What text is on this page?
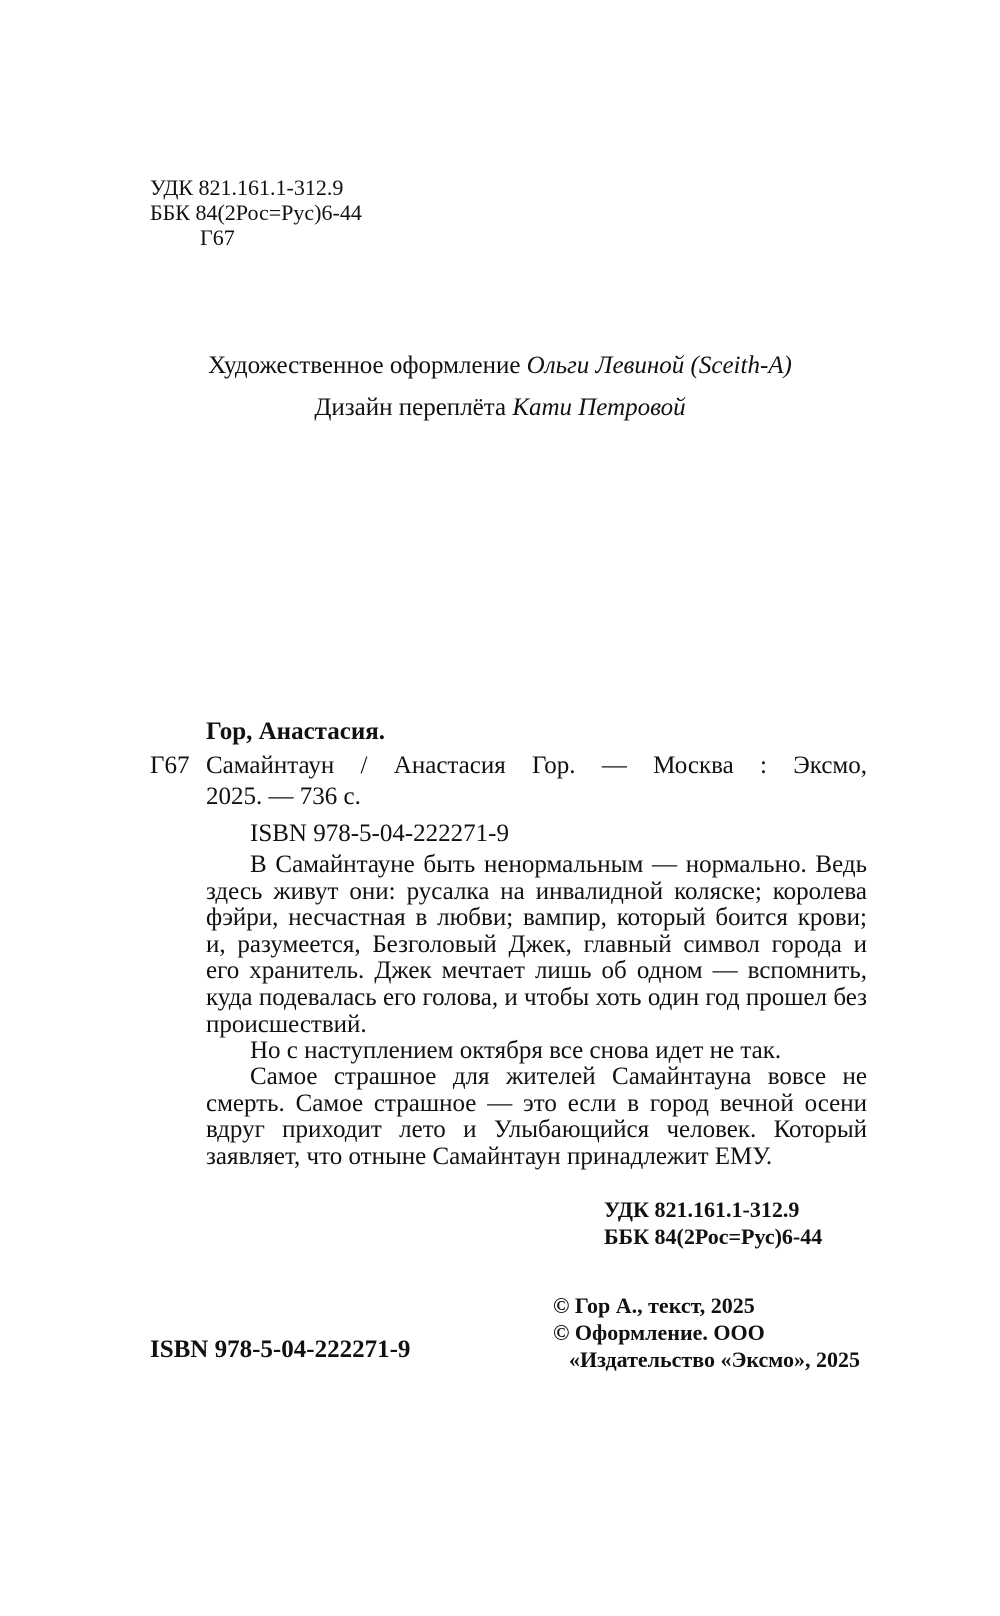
УДК 821.161.1-312.9
ББК 84(2Рос=Рус)6-44
Г67
Художественное оформление Ольги Левиной (Sceith-A)
Дизайн переплёта Кати Петровой
Гор, Анастасия.
Г67 Самайнтаун / Анастасия Гор. — Москва : Эксмо,
2025. — 736 с.
ISBN 978-5-04-222271-9

В Самайнтауне быть ненормальным — нормально. Ведь здесь живут они: русалка на инвалидной коляске; королева фэйри, несчастная в любви; вампир, который боится крови; и, разумеется, Безголовый Джек, главный символ города и его хранитель. Джек мечтает лишь об одном — вспомнить, куда подевалась его голова, и чтобы хоть один год прошел без происшествий.

Но с наступлением октября все снова идет не так.

Самое страшное для жителей Самайнтауна вовсе не смерть. Самое страшное — это если в город вечной осени вдруг приходит лето и Улыбающийся человек. Который заявляет, что отныне Самайнтаун принадлежит ЕМУ.

УДК 821.161.1-312.9
ББК 84(2Рос=Рус)6-44
ISBN 978-5-04-222271-9
© Гор А., текст, 2025
© Оформление. ООО
«Издательство «Эксмо», 2025
